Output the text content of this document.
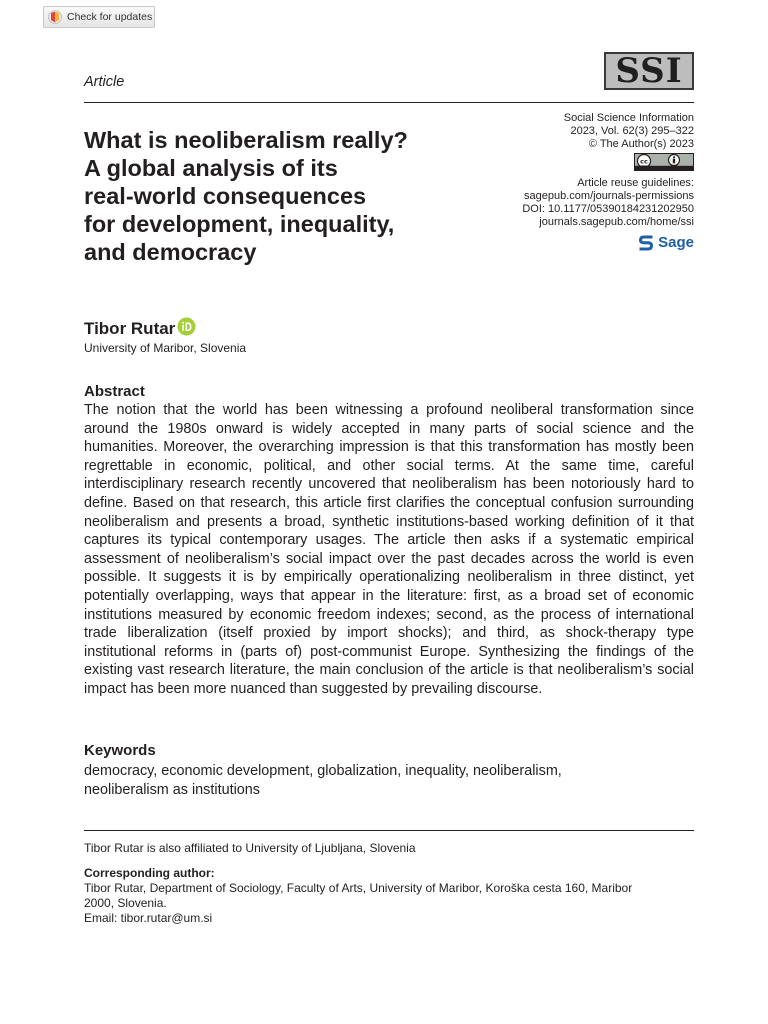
Check for updates
Article	SSI
Social Science Information
2023, Vol. 62(3) 295–322
© The Author(s) 2023
cc
Article reuse guidelines:
sagepub.com/journals-permissions
DOI: 10.1177/05390184231202950
journals.sagepub.com/home/ssi
Sage
What is neoliberalism really?
A global analysis of its
real-world consequences
for development, inequality,
and democracy
Tibor Rutar
University of Maribor, Slovenia
Abstract

The notion that the world has been witnessing a profound neoliberal transformation since around the 1980s onward is widely accepted in many parts of social science and the humanities. Moreover, the overarching impression is that this transformation has mostly been regrettable in economic, political, and other social terms. At the same time, careful interdisciplinary research recently uncovered that neoliberalism has been notoriously hard to define. Based on that research, this article first clarifies the conceptual confusion surrounding neoliberalism and presents a broad, synthetic institutions-based working definition of it that captures its typical contemporary usages. The article then asks if a systematic empirical assessment of neoliberalism’s social impact over the past decades across the world is even possible. It suggests it is by empirically operationalizing neoliberalism in three distinct, yet potentially overlapping, ways that appear in the literature: first, as a broad set of economic institutions measured by economic freedom indexes; second, as the process of international trade liberalization (itself proxied by import shocks); and third, as shock-therapy type institutional reforms in (parts of) post-communist Europe. Synthesizing the findings of the existing vast research literature, the main conclusion of the article is that neoliberalism’s social impact has been more nuanced than suggested by prevailing discourse.

Keywords
democracy, economic development, globalization, inequality, neoliberalism,
neoliberalism as institutions
Tibor Rutar is also affiliated to University of Ljubljana, Slovenia
Corresponding author:
Tibor Rutar, Department of Sociology, Faculty of Arts, University of Maribor, Koroška cesta 160, Maribor
2000, Slovenia.
Email: tibor.rutar@um.si
